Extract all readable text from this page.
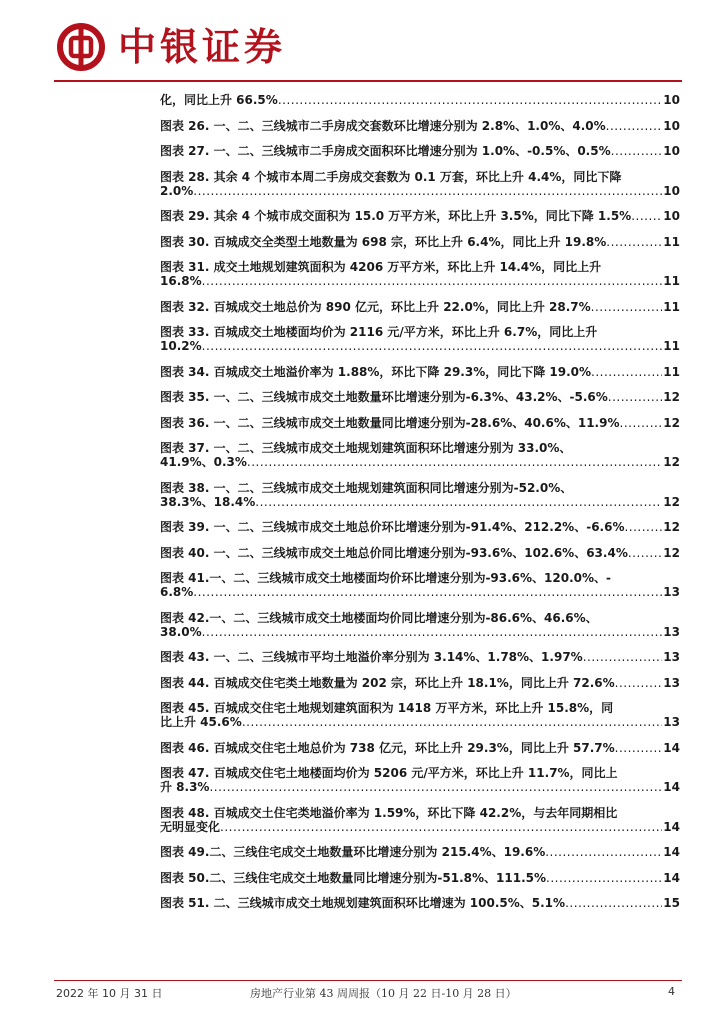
中银证券
化，同比上升 66.5% .....	10
图表 26. 一、二、三线城市二手房成交套数环比增速分别为 2.8%、1.0%、4.0% .....	10
图表 27. 一、二、三线城市二手房成交面积环比增速分别为 1.0%、-0.5%、0.5% .....	10
图表 28. 其余 4 个城市本周二手房成交套数为 0.1 万套，环比上升 4.4%，同比下降
2.0% .....	10
图表 29. 其余 4 个城市成交面积为 15.0 万平方米，环比上升 3.5%，同比下降 1.5% .....	10
图表 30. 百城成交全类型土地数量为 698 宗，环比上升 6.4%，同比上升 19.8% .....	11
图表 31. 成交土地规划建筑面积为 4206 万平方米，环比上升 14.4%，同比上升
16.8% .....	11
图表 32. 百城成交土地总价为 890 亿元，环比上升 22.0%，同比上升 28.7% .....	11
图表 33. 百城成交土地楼面均价为 2116 元/平方米，环比上升 6.7%，同比上升
10.2% .....	11
图表 34. 百城成交土地溢价率为 1.88%，环比下降 29.3%，同比下降 19.0% .....	11
图表 35. 一、二、三线城市成交土地数量环比增速分别为-6.3%、43.2%、-5.6% .....	12
图表 36. 一、二、三线城市成交土地数量同比增速分别为-28.6%、40.6%、11.9% .....	12
图表 37. 一、二、三线城市成交土地规划建筑面积环比增速分别为 33.0%、
41.9%、0.3% .....	12
图表 38. 一、二、三线城市成交土地规划建筑面积同比增速分别为-52.0%、
38.3%、18.4% .....	12
图表 39. 一、二、三线城市成交土地总价环比增速分别为-91.4%、212.2%、-6.6% .....	12
图表 40. 一、二、三线城市成交土地总价同比增速分别为-93.6%、102.6%、63.4% .....	12
图表 41.一、二、三线城市成交土地楼面均价环比增速分别为-93.6%、120.0%、-
6.8% .....	13
图表 42.一、二、三线城市成交土地楼面均价同比增速分别为-86.6%、46.6%、
38.0% .....	13
图表 43. 一、二、三线城市平均土地溢价率分别为 3.14%、1.78%、1.97% .....	13
图表 44. 百城成交住宅类土地数量为 202 宗，环比上升 18.1%，同比上升 72.6% .....	13
图表 45. 百城成交住宅土地规划建筑面积为 1418 万平方米，环比上升 15.8%，同
比上升 45.6% .....	13
图表 46. 百城成交住宅土地总价为 738 亿元，环比上升 29.3%，同比上升 57.7% .....	14
图表 47. 百城成交住宅土地楼面均价为 5206 元/平方米，环比上升 11.7%，同比上
升 8.3% .....	14
图表 48. 百城成交土住宅类地溢价率为 1.59%，环比下降 42.2%，与去年同期相比
无明显变化 .....	14
图表 49.二、三线住宅成交土地数量环比增速分别为 215.4%、19.6% .....	14
图表 50.二、三线住宅成交土地数量同比增速分别为-51.8%、111.5% .....	14
图表 51. 二、三线城市成交土地规划建筑面积环比增速为 100.5%、5.1% .....	15
2022 年 10 月 31 日	房地产行业第 43 周周报（10 月 22 日-10 月 28 日）	4
